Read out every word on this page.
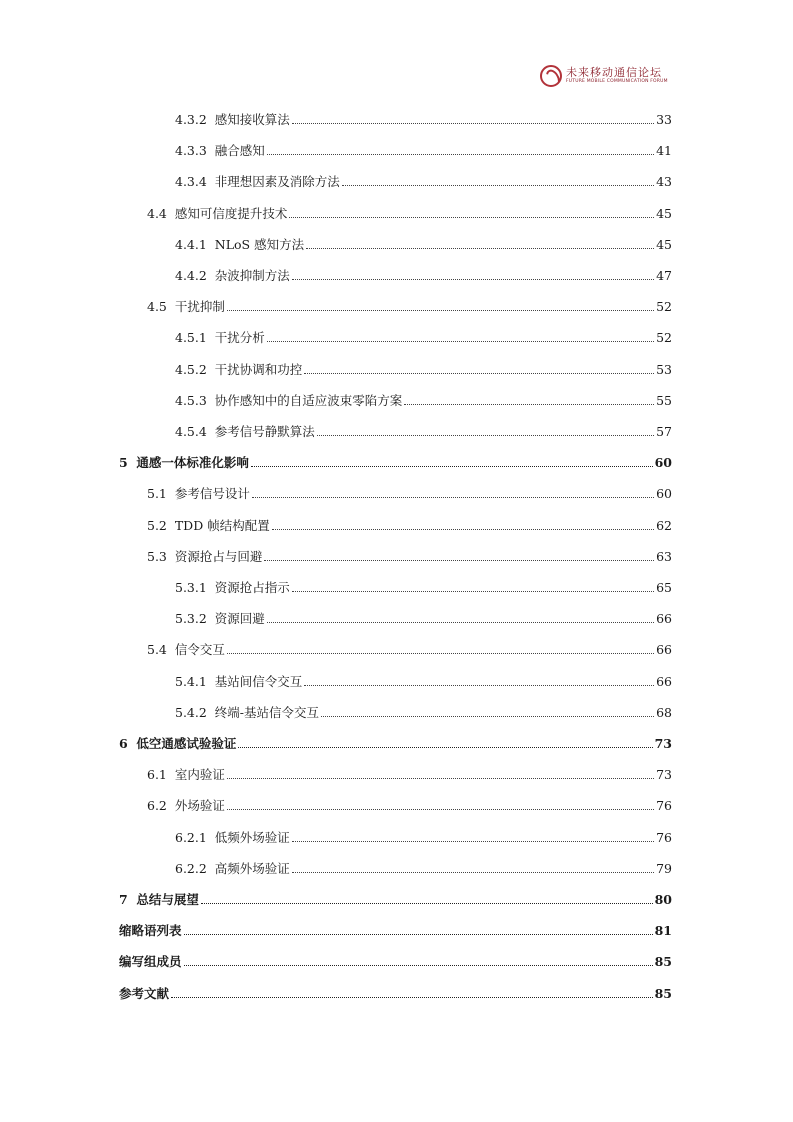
未来移动通信论坛
FUTURE MOBILE COMMUNICATION FORUM
4.3.2 感知接收算法	33
4.3.3 融合感知	41
4.3.4 非理想因素及消除方法	43
4.4 感知可信度提升技术	45
4.4.1 NLoS 感知方法	45
4.4.2 杂波抑制方法	47
4.5 干扰抑制	52
4.5.1 干扰分析	52
4.5.2 干扰协调和功控	53
4.5.3 协作感知中的自适应波束零陷方案	55
4.5.4 参考信号静默算法	57
5 通感一体标准化影响	60
5.1 参考信号设计	60
5.2 TDD 帧结构配置	62
5.3 资源抢占与回避	63
5.3.1 资源抢占指示	65
5.3.2 资源回避	66
5.4 信令交互	66
5.4.1 基站间信令交互	66
5.4.2 终端-基站信令交互	68
6 低空通感试验验证	73
6.1 室内验证	73
6.2 外场验证	76
6.2.1 低频外场验证	76
6.2.2 高频外场验证	79
7 总结与展望	80
缩略语列表	81
编写组成员	85
参考文献	85
